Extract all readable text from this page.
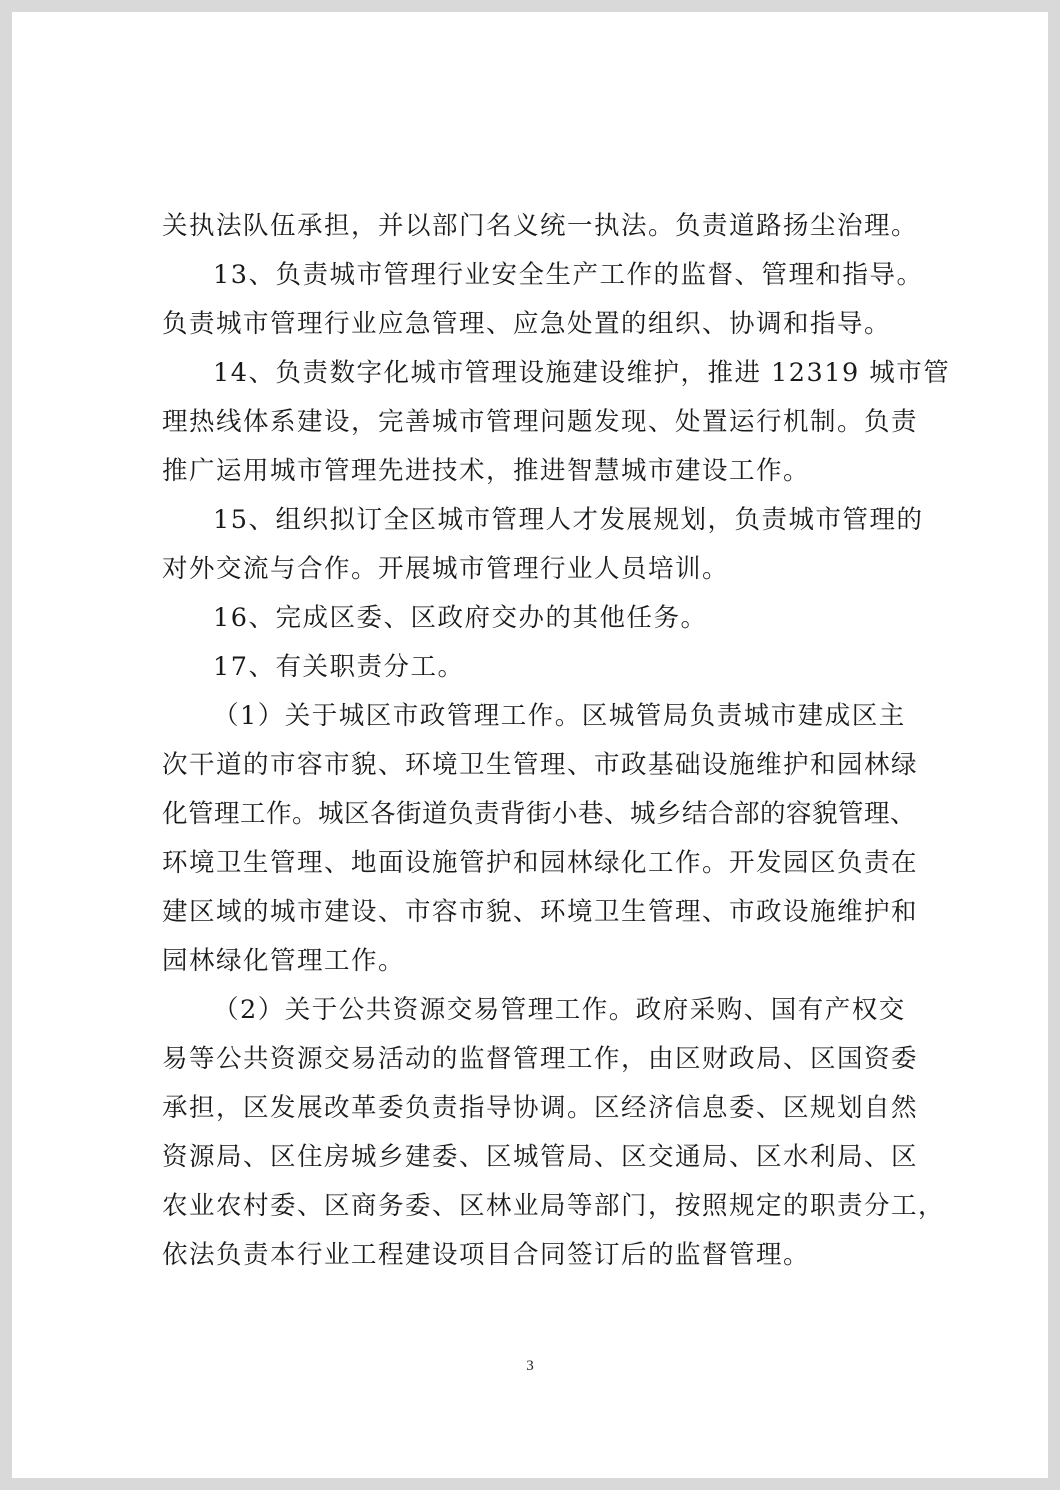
关执法队伍承担，并以部门名义统一执法。负责道路扬尘治理。
13、负责城市管理行业安全生产工作的监督、管理和指导。
负责城市管理行业应急管理、应急处置的组织、协调和指导。
14、负责数字化城市管理设施建设维护，推进 12319 城市管
理热线体系建设，完善城市管理问题发现、处置运行机制。负责
推广运用城市管理先进技术，推进智慧城市建设工作。
15、组织拟订全区城市管理人才发展规划，负责城市管理的
对外交流与合作。开展城市管理行业人员培训。
16、完成区委、区政府交办的其他任务。
17、有关职责分工。
（1）关于城区市政管理工作。区城管局负责城市建成区主
次干道的市容市貌、环境卫生管理、市政基础设施维护和园林绿
化管理工作。城区各街道负责背街小巷、城乡结合部的容貌管理、
环境卫生管理、地面设施管护和园林绿化工作。开发园区负责在
建区域的城市建设、市容市貌、环境卫生管理、市政设施维护和
园林绿化管理工作。
（2）关于公共资源交易管理工作。政府采购、国有产权交
易等公共资源交易活动的监督管理工作，由区财政局、区国资委
承担，区发展改革委负责指导协调。区经济信息委、区规划自然
资源局、区住房城乡建委、区城管局、区交通局、区水利局、区
农业农村委、区商务委、区林业局等部门，按照规定的职责分工，
依法负责本行业工程建设项目合同签订后的监督管理。
3
